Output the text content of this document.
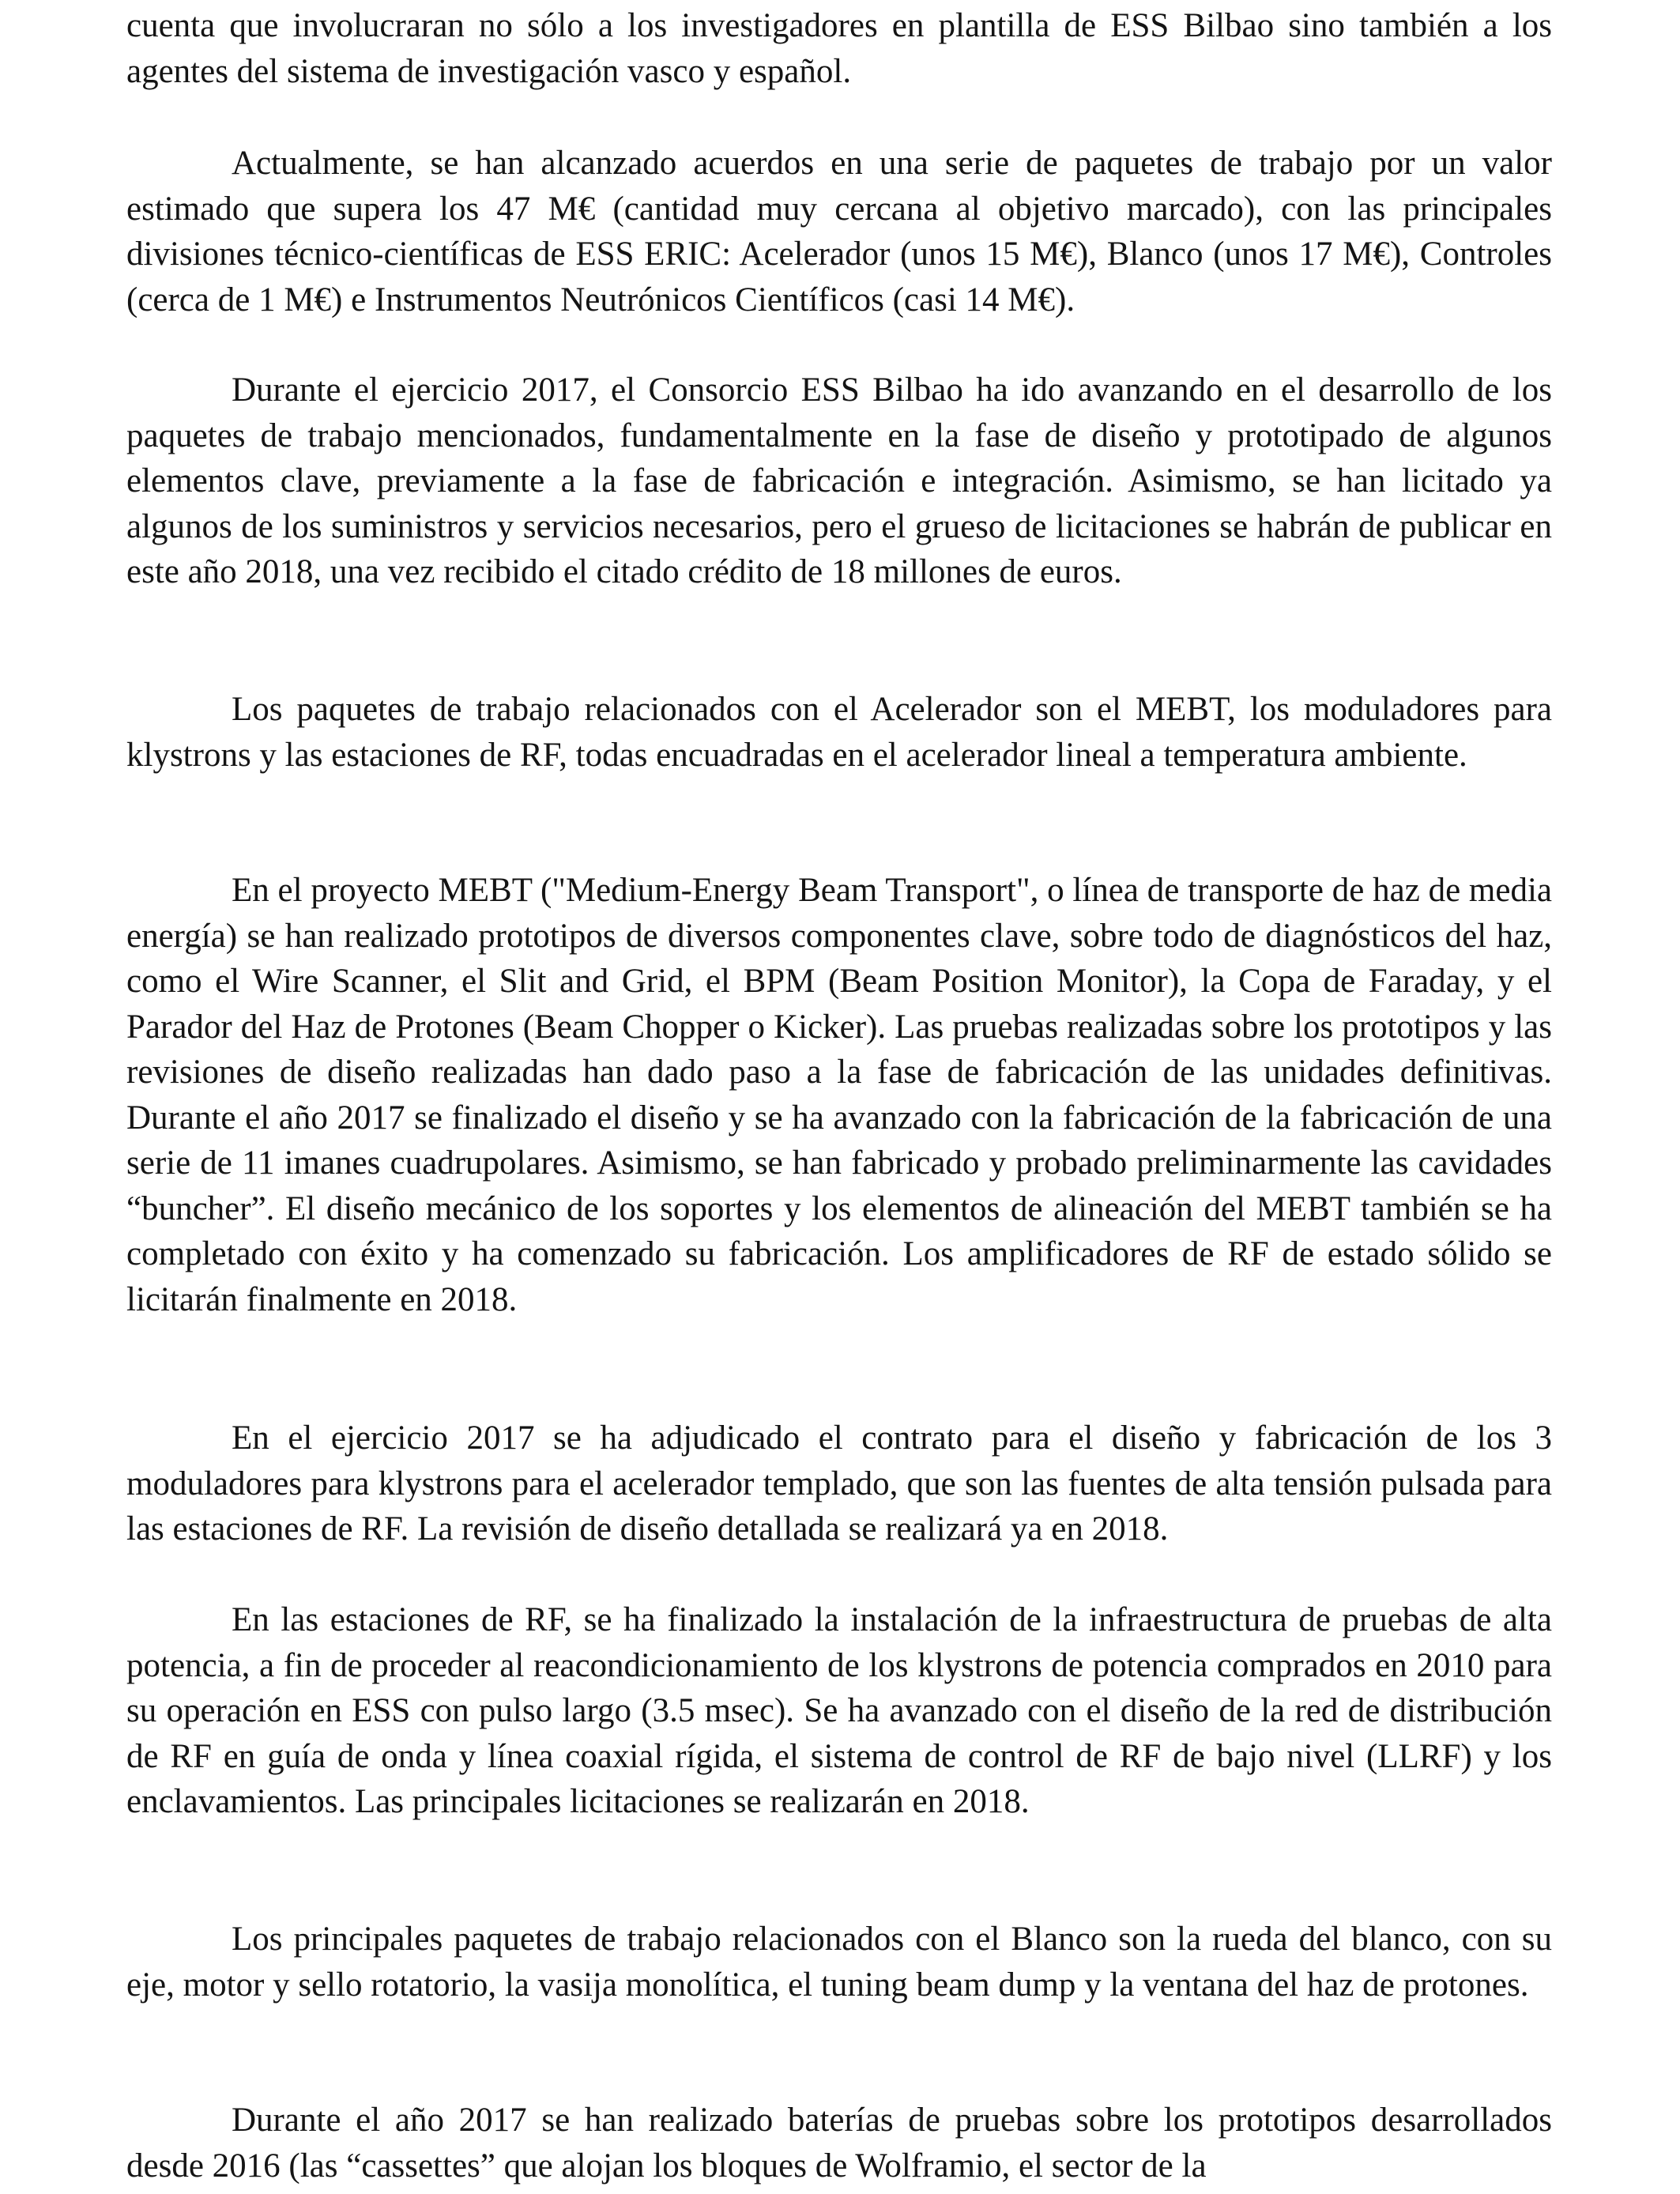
cuenta que involucraran no sólo a los investigadores en plantilla de ESS Bilbao sino también a los agentes del sistema de investigación vasco y español.

Actualmente, se han alcanzado acuerdos en una serie de paquetes de trabajo por un valor estimado que supera los 47 M€ (cantidad muy cercana al objetivo marcado), con las principales divisiones técnico-científicas de ESS ERIC: Acelerador (unos 15 M€), Blanco (unos 17 M€), Controles (cerca de 1 M€) e Instrumentos Neutrónicos Científicos (casi 14 M€).

Durante el ejercicio 2017, el Consorcio ESS Bilbao ha ido avanzando en el desarrollo de los paquetes de trabajo mencionados, fundamentalmente en la fase de diseño y prototipado de algunos elementos clave, previamente a la fase de fabricación e integración. Asimismo, se han licitado ya algunos de los suministros y servicios necesarios, pero el grueso de licitaciones se habrán de publicar en este año 2018, una vez recibido el citado crédito de 18 millones de euros.

Los paquetes de trabajo relacionados con el Acelerador son el MEBT, los moduladores para klystrons y las estaciones de RF, todas encuadradas en el acelerador lineal a temperatura ambiente.

En el proyecto MEBT ("Medium-Energy Beam Transport", o línea de transporte de haz de media energía) se han realizado prototipos de diversos componentes clave, sobre todo de diagnósticos del haz, como el Wire Scanner, el Slit and Grid, el BPM (Beam Position Monitor), la Copa de Faraday, y el Parador del Haz de Protones (Beam Chopper o Kicker). Las pruebas realizadas sobre los prototipos y las revisiones de diseño realizadas han dado paso a la fase de fabricación de las unidades definitivas. Durante el año 2017 se finalizado el diseño y se ha avanzado con la fabricación de la fabricación de una serie de 11 imanes cuadrupolares. Asimismo, se han fabricado y probado preliminarmente las cavidades “buncher”. El diseño mecánico de los soportes y los elementos de alineación del MEBT también se ha completado con éxito y ha comenzado su fabricación. Los amplificadores de RF de estado sólido se licitarán finalmente en 2018.

En el ejercicio 2017 se ha adjudicado el contrato para el diseño y fabricación de los 3 moduladores para klystrons para el acelerador templado, que son las fuentes de alta tensión pulsada para las estaciones de RF. La revisión de diseño detallada se realizará ya en 2018.

En las estaciones de RF, se ha finalizado la instalación de la infraestructura de pruebas de alta potencia, a fin de proceder al reacondicionamiento de los klystrons de potencia comprados en 2010 para su operación en ESS con pulso largo (3.5 msec). Se ha avanzado con el diseño de la red de distribución de RF en guía de onda y línea coaxial rígida, el sistema de control de RF de bajo nivel (LLRF) y los enclavamientos. Las principales licitaciones se realizarán en 2018.

Los principales paquetes de trabajo relacionados con el Blanco son la rueda del blanco, con su eje, motor y sello rotatorio, la vasija monolítica, el tuning beam dump y la ventana del haz de protones.

Durante el año 2017 se han realizado baterías de pruebas sobre los prototipos desarrollados desde 2016 (las “cassettes” que alojan los bloques de Wolframio, el sector de la
